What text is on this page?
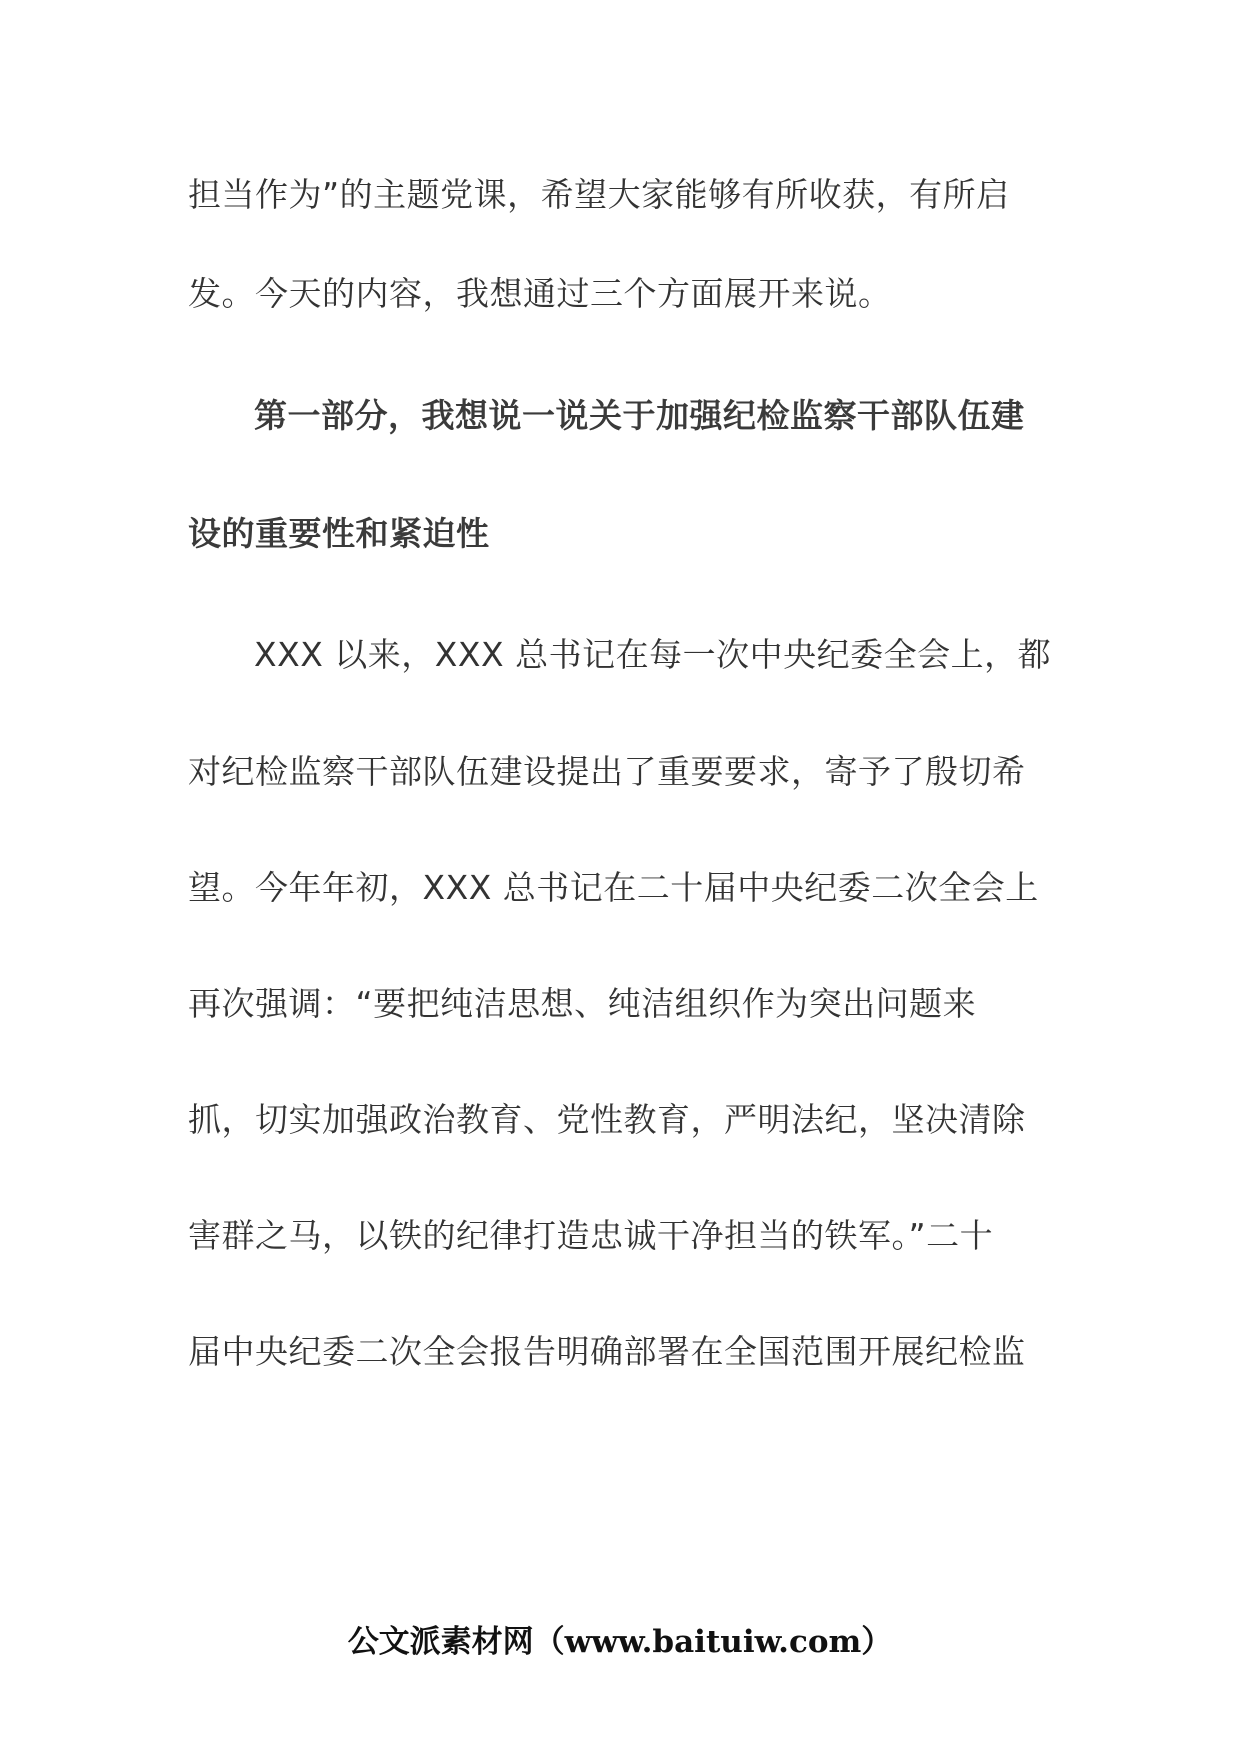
担当作为”的主题党课，希望大家能够有所收获，有所启
发。今天的内容，我想通过三个方面展开来说。
第一部分，我想说一说关于加强纪检监察干部队伍建
设的重要性和紧迫性
XXX 以来，XXX 总书记在每一次中央纪委全会上，都
对纪检监察干部队伍建设提出了重要要求，寄予了殷切希
望。今年年初，XXX 总书记在二十届中央纪委二次全会上
再次强调：“要把纯洁思想、纯洁组织作为突出问题来
抓，切实加强政治教育、党性教育，严明法纪，坚决清除
害群之马，以铁的纪律打造忠诚干净担当的铁军。”二十
届中央纪委二次全会报告明确部署在全国范围开展纪检监
公文派素材网（www.baituiw.com）
